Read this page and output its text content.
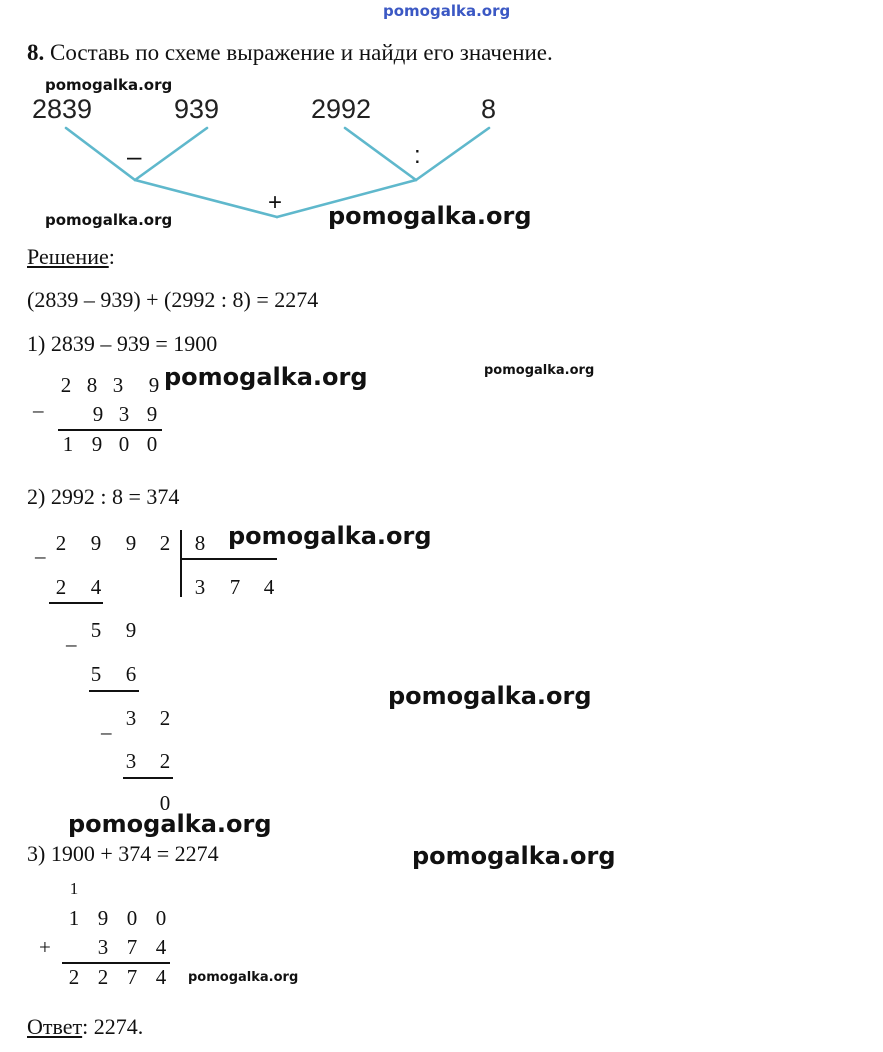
pomogalka.org
8. Составь по схеме выражение и найди его значение.
pomogalka.org
2839	939	2992	8
–	:
+
pomogalka.org	pomogalka.org
Решение:
(2839 – 939) + (2992 : 8) = 2274
1) 2839 – 939 = 1900
–
2 8 3 9
9 3 9
1 9 0 0
pomogalka.org	pomogalka.org
2) 2992 : 8 = 374
–
2 9 9 2 8
3 7 4
2 4
–
5 9
5 6
–
3 2
3 2
0
pomogalka.org
pomogalka.org
pomogalka.org
pomogalka.org
3) 1900 + 374 = 2274
1
1 9 0 0
+ 3 7 4
2 2 7 4	pomogalka.org
Ответ: 2274.
